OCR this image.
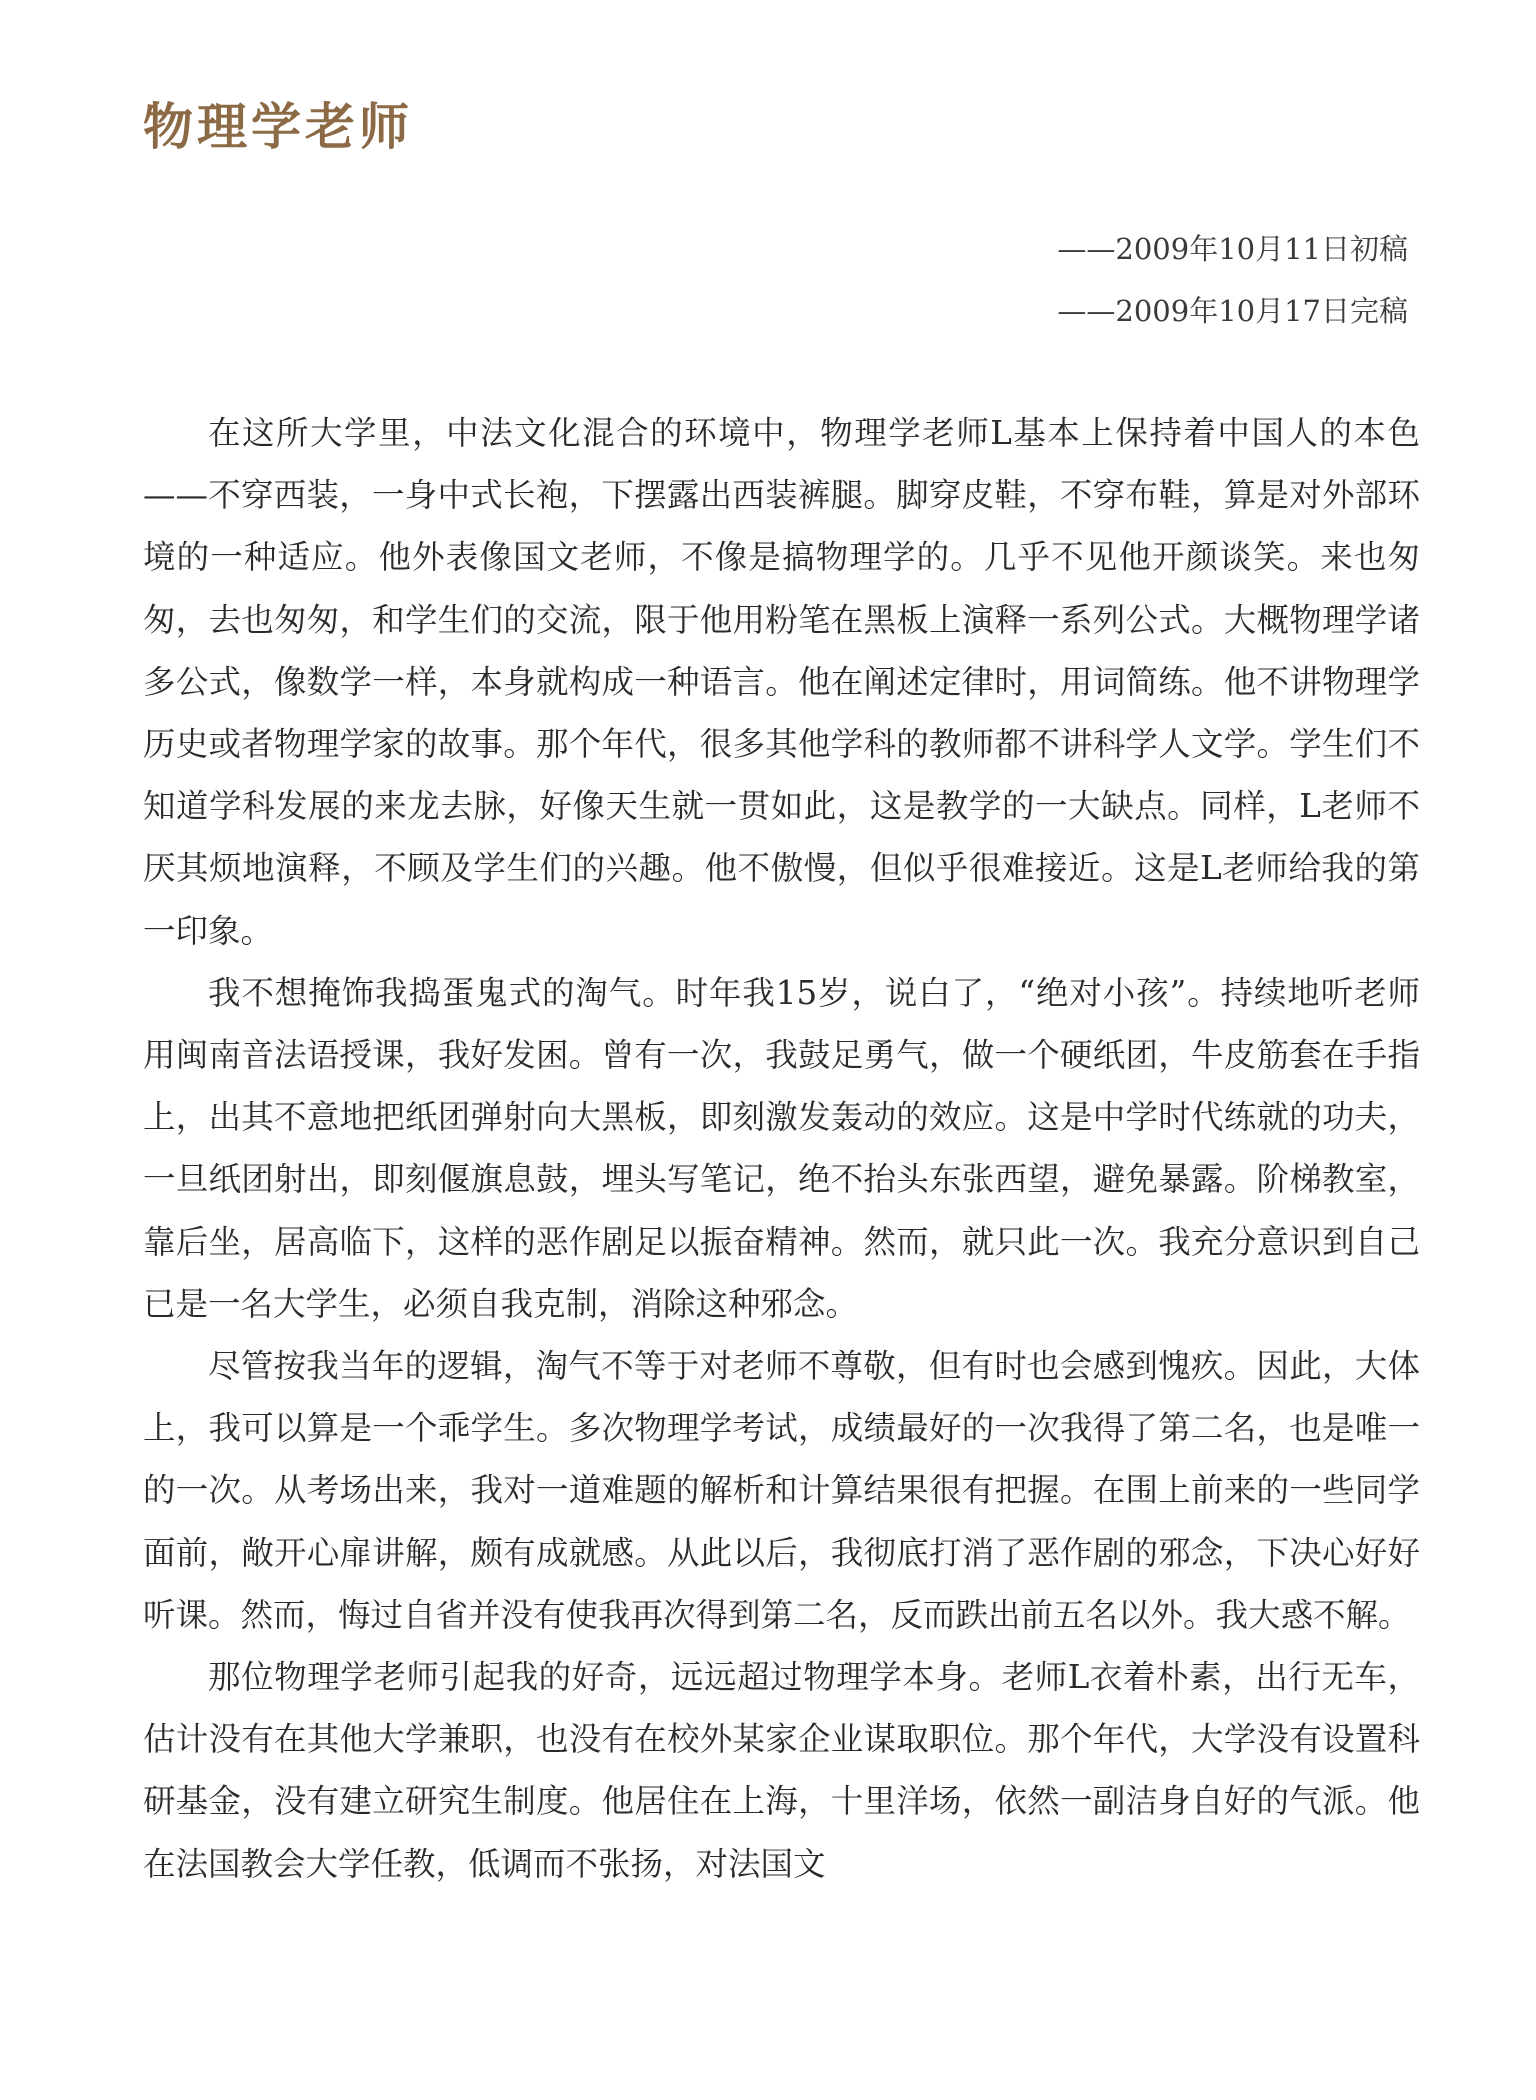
物理学老师
——2009年10月11日初稿
——2009年10月17日完稿

在这所大学里，中法文化混合的环境中，物理学老师L基本上保持着中国人的本色——不穿西装，一身中式长袍，下摆露出西装裤腿。脚穿皮鞋，不穿布鞋，算是对外部环境的一种适应。他外表像国文老师，不像是搞物理学的。几乎不见他开颜谈笑。来也匆匆，去也匆匆，和学生们的交流，限于他用粉笔在黑板上演释一系列公式。大概物理学诸多公式，像数学一样，本身就构成一种语言。他在阐述定律时，用词简练。他不讲物理学历史或者物理学家的故事。那个年代，很多其他学科的教师都不讲科学人文学。学生们不知道学科发展的来龙去脉，好像天生就一贯如此，这是教学的一大缺点。同样，L老师不厌其烦地演释，不顾及学生们的兴趣。他不傲慢，但似乎很难接近。这是L老师给我的第一印象。

我不想掩饰我捣蛋鬼式的淘气。时年我15岁，说白了，“绝对小孩”。持续地听老师用闽南音法语授课，我好发困。曾有一次，我鼓足勇气，做一个硬纸团，牛皮筋套在手指上，出其不意地把纸团弹射向大黑板，即刻激发轰动的效应。这是中学时代练就的功夫，一旦纸团射出，即刻偃旗息鼓，埋头写笔记，绝不抬头东张西望，避免暴露。阶梯教室，靠后坐，居高临下，这样的恶作剧足以振奋精神。然而，就只此一次。我充分意识到自己已是一名大学生，必须自我克制，消除这种邪念。

尽管按我当年的逻辑，淘气不等于对老师不尊敬，但有时也会感到愧疚。因此，大体上，我可以算是一个乖学生。多次物理学考试，成绩最好的一次我得了第二名，也是唯一的一次。从考场出来，我对一道难题的解析和计算结果很有把握。在围上前来的一些同学面前，敞开心扉讲解，颇有成就感。从此以后，我彻底打消了恶作剧的邪念，下决心好好听课。然而，悔过自省并没有使我再次得到第二名，反而跌出前五名以外。我大惑不解。

那位物理学老师引起我的好奇，远远超过物理学本身。老师L衣着朴素，出行无车，估计没有在其他大学兼职，也没有在校外某家企业谋取职位。那个年代，大学没有设置科研基金，没有建立研究生制度。他居住在上海，十里洋场，依然一副洁身自好的气派。他在法国教会大学任教，低调而不张扬，对法国文
